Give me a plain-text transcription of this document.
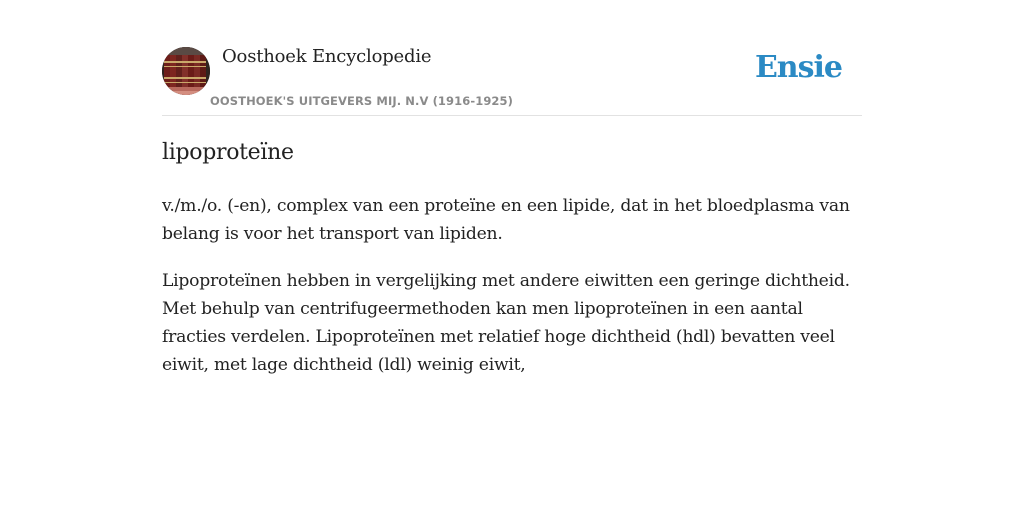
Oosthoek Encyclopedie
OOSTHOEK'S UITGEVERS MIJ. N.V (1916-1925)
Ensie
lipoproteïne

v./m./o. (-en), complex van een proteïne en een lipide, dat in het bloedplasma van belang is voor het transport van lipiden.

Lipoproteïnen hebben in vergelijking met andere eiwitten een geringe dichtheid. Met behulp van centrifugeermethoden kan men lipoproteïnen in een aantal fracties verdelen. Lipoproteïnen met relatief hoge dichtheid (hdl) bevatten veel eiwit, met lage dichtheid (ldl) weinig eiwit,
